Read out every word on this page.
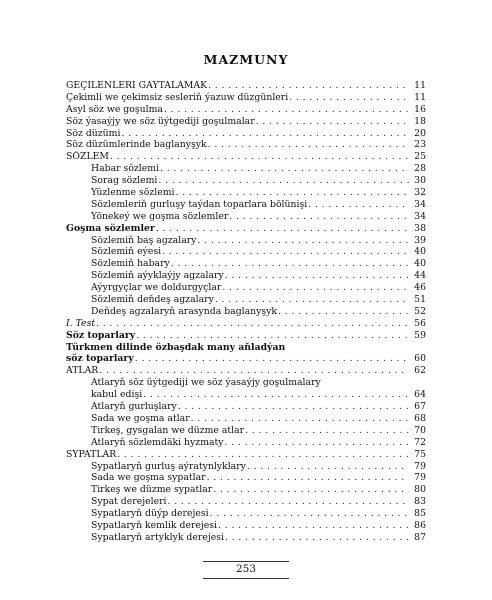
MAZMUNY
GEÇILENLERI GAÝTALAMAK . . .	11
Çekimli we çekimsiz sesleriň ýazuw düzgünleri . . .	11
Asyl söz we goşulma . . .	16
Söz ýasaýjy we söz üýtgediji goşulmalar . . .	18
Söz düzümi . . .	20
Söz düzümlerinde baglanyşyk . . .	23
SÖZLEM . . .	25
Habar sözlemi . . .	28
Sorag sözlemi . . .	30
Ýüzlenme sözlemi . . .	32
Sözlemleriň gurluşy taýdan toparlara bölünişi . . .	34
Ýönekeý we goşma sözlemler . . .	34
Goşma sözlemler . . .	38
Sözlemiň baş agzalary . . .	39
Sözlemiň eýesi . . .	40
Sözlemiň habary . . .	40
Sözlemiň aýyklaýjy agzalary . . .	44
Aýyrgyçlar we doldurgyçlar . . .	46
Sözlemiň deňdeş agzalary . . .	51
Deňdeş agzalaryň arasynda baglanyşyk . . .	52
I. Test . . .	56
Söz toparlary . . .	59
Türkmen dilinde özbaşdak many aňladýan
söz toparlary . . .	60
ATLAR . . .	62
Atlaryň söz üýtgediji we söz ýasaýjy goşulmalary
kabul edişi . . .	64
Atlaryň gurluşlary . . .	67
Sada we goşma atlar . . .	68
Tirkeş, gysgalan we düzme atlar . . .	70
Atlaryň sözlemdäki hyzmaty . . .	72
SYPATLAR . . .	75
Sypatlaryň gurluş aýratynlyklary . . .	79
Sada we goşma sypatlar . . .	79
Tirkeş we düzme sypatlar . . .	80
Sypat derejeleri . . .	83
Sypatlaryň düýp derejesi . . .	85
Sypatlaryň kemlik derejesi . . .	86
Sypatlaryň artyklyk derejesi . . .	87
253
